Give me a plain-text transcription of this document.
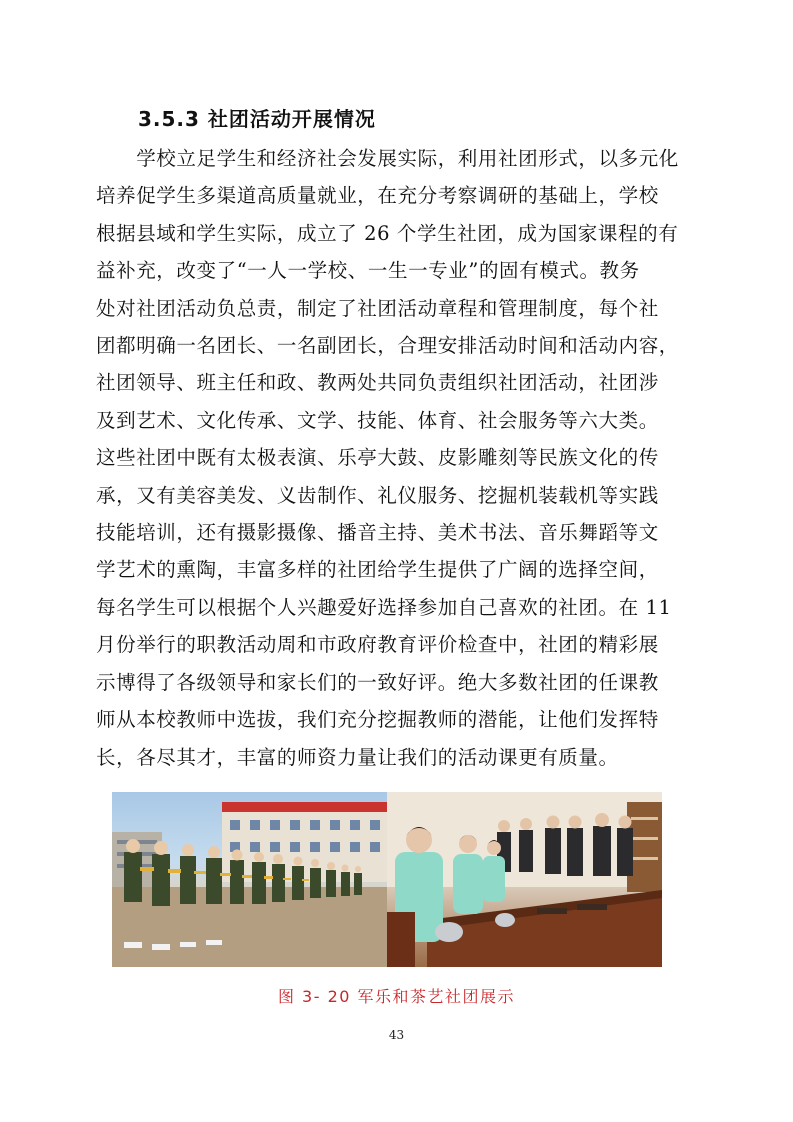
3.5.3 社团活动开展情况
　　学校立足学生和经济社会发展实际，利用社团形式，以多元化
培养促学生多渠道高质量就业，在充分考察调研的基础上，学校
根据县域和学生实际，成立了 26 个学生社团，成为国家课程的有
益补充，改变了“一人一学校、一生一专业”的固有模式。教务
处对社团活动负总责，制定了社团活动章程和管理制度，每个社
团都明确一名团长、一名副团长，合理安排活动时间和活动内容，
社团领导、班主任和政、教两处共同负责组织社团活动，社团涉
及到艺术、文化传承、文学、技能、体育、社会服务等六大类。
这些社团中既有太极表演、乐亭大鼓、皮影雕刻等民族文化的传
承，又有美容美发、义齿制作、礼仪服务、挖掘机装载机等实践
技能培训，还有摄影摄像、播音主持、美术书法、音乐舞蹈等文
学艺术的熏陶，丰富多样的社团给学生提供了广阔的选择空间，
每名学生可以根据个人兴趣爱好选择参加自己喜欢的社团。在 11
月份举行的职教活动周和市政府教育评价检查中，社团的精彩展
示博得了各级领导和家长们的一致好评。绝大多数社团的任课教
师从本校教师中选拔，我们充分挖掘教师的潜能，让他们发挥特
长，各尽其才，丰富的师资力量让我们的活动课更有质量。

图 3- 20 军乐和茶艺社团展示

43
